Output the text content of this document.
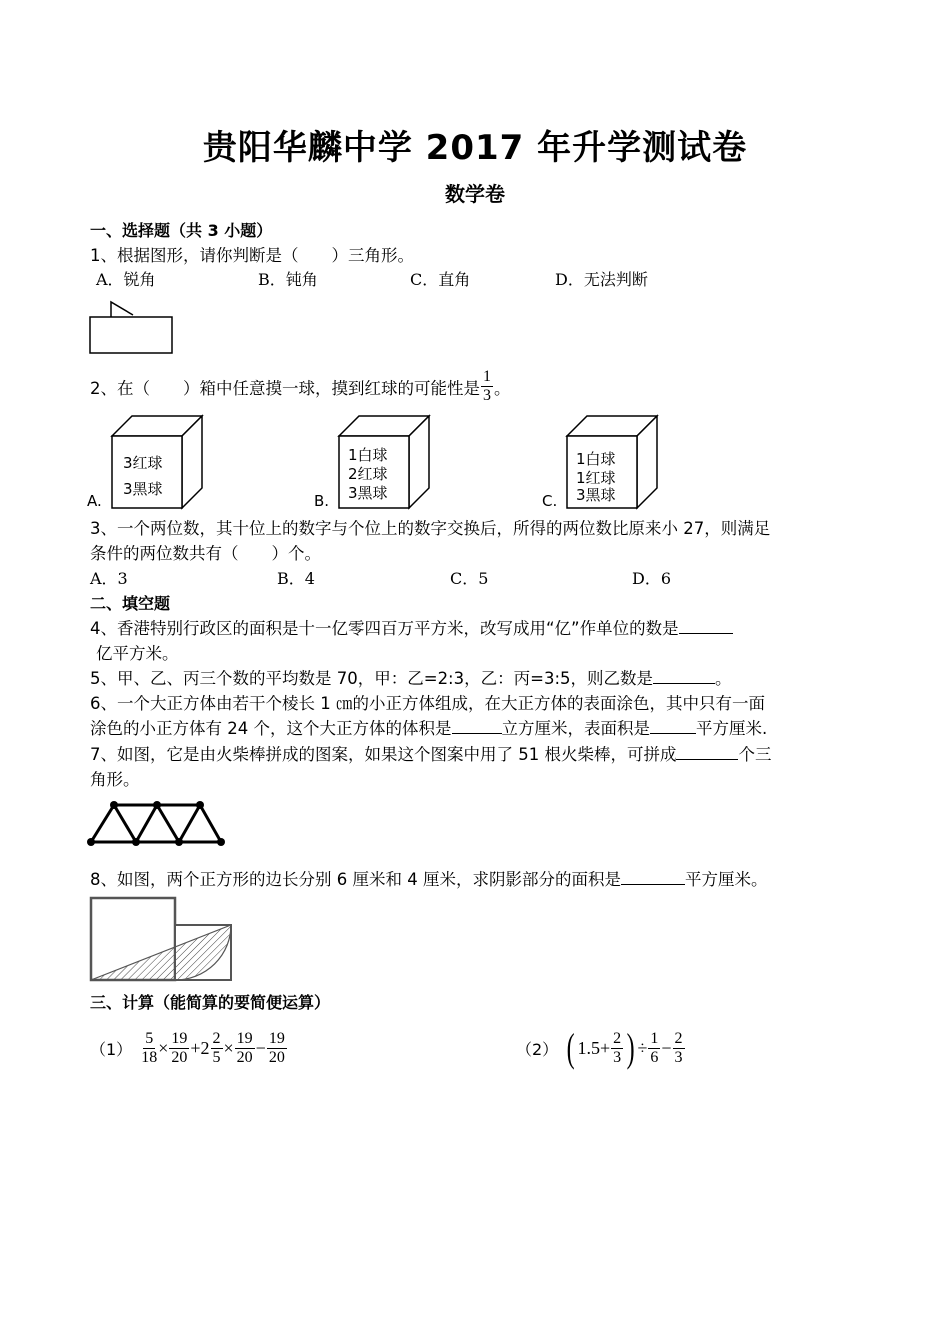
贵阳华麟中学 2017 年升学测试卷
数学卷
一、选择题（共 3 小题）
1、根据图形，请你判断是（　　）三角形。
A．锐角	B．钝角	C．直角	D．无法判断
2、在（　　）箱中任意摸一球，摸到红球的可能性是 $\frac{1}{3}$ 。
A.
3红球
3黑球
B.
1白球
2红球
3黑球	C.
1白球
1红球
3黑球
3、一个两位数，其十位上的数字与个位上的数字交换后，所得的两位数比原来小 27，则满足
条件的两位数共有（　　）个。
A．3	B．4	C．5	D．6
二、填空题
4、香港特别行政区的面积是十一亿零四百万平方米，改写成用“亿”作单位的数是
亿平方米。
5、甲、乙、丙三个数的平均数是 70，甲：乙=2:3，乙：丙=3:5，则乙数是	。
6、一个大正方体由若干个棱长 1 ㎝的小正方体组成，在大正方体的表面涂色，其中只有一面
涂色的小正方体有 24 个，这个大正方体的体积是	立方厘米，表面积是	平方厘米.
7、如图，它是由火柴棒拼成的图案，如果这个图案中用了 51 根火柴棒，可拼成	个三
角形。
8、如图，两个正方形的边长分别 6 厘米和 4 厘米，求阴影部分的面积是	平方厘米。
三、计算（能简算的要简便运算）
$(1) \frac{5}{18} \times \frac{19}{20} + 2 \frac{2}{5} \times \frac{19}{20} - \frac{19}{20}$	（2） ( $1.5 + \frac{2}{3}$ ) ÷ $\frac{1}{6} - \frac{2}{3}$
